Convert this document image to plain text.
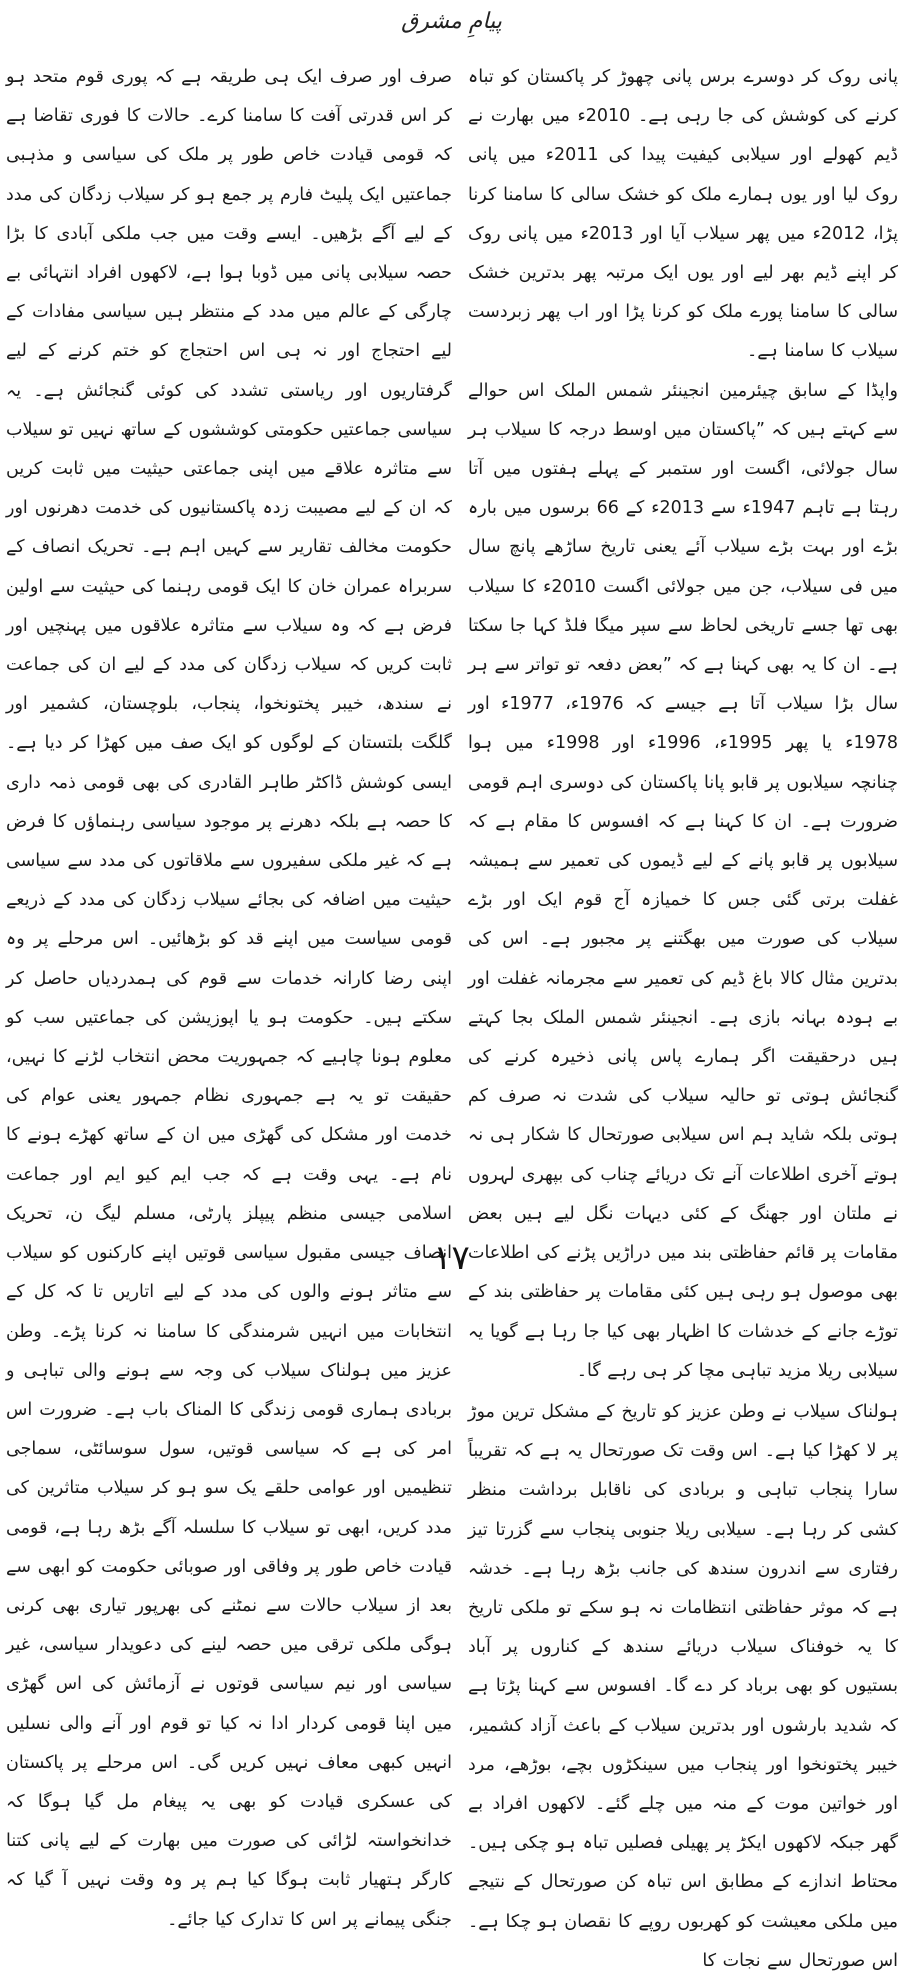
پیامِ مشرق

پانی روک کر دوسرے برس پانی چھوڑ کر پاکستان کو تباہ کرنے کی کوشش کی جا رہی ہے۔ 2010ء میں بھارت نے ڈیم کھولے اور سیلابی کیفیت پیدا کی 2011ء میں پانی روک لیا اور یوں ہمارے ملک کو خشک سالی کا سامنا کرنا پڑا، 2012ء میں پھر سیلاب آیا اور 2013ء میں پانی روک کر اپنے ڈیم بھر لیے اور یوں ایک مرتبہ پھر بدترین خشک سالی کا سامنا پورے ملک کو کرنا پڑا اور اب پھر زبردست سیلاب کا سامنا ہے۔

واپڈا کے سابق چیئرمین انجینئر شمس الملک اس حوالے سے کہتے ہیں کہ ”پاکستان میں اوسط درجہ کا سیلاب ہر سال جولائی، اگست اور ستمبر کے پہلے ہفتوں میں آتا رہتا ہے تاہم 1947ء سے 2013ء کے 66 برسوں میں بارہ بڑے اور بہت بڑے سیلاب آئے یعنی تاریخ ساڑھے پانچ سال میں فی سیلاب، جن میں جولائی اگست 2010ء کا سیلاب بھی تھا جسے تاریخی لحاظ سے سپر میگا فلڈ کہا جا سکتا ہے۔ ان کا یہ بھی کہنا ہے کہ ”بعض دفعہ تو تواتر سے ہر سال بڑا سیلاب آتا ہے جیسے کہ 1976ء، 1977ء اور 1978ء یا پھر 1995ء، 1996ء اور 1998ء میں ہوا چنانچہ سیلابوں پر قابو پانا پاکستان کی دوسری اہم قومی ضرورت ہے۔ ان کا کہنا ہے کہ افسوس کا مقام ہے کہ سیلابوں پر قابو پانے کے لیے ڈیموں کی تعمیر سے ہمیشہ غفلت برتی گئی جس کا خمیازہ آج قوم ایک اور بڑے سیلاب کی صورت میں بھگتنے پر مجبور ہے۔ اس کی بدترین مثال کالا باغ ڈیم کی تعمیر سے مجرمانہ غفلت اور بے ہودہ بہانہ بازی ہے۔ انجینئر شمس الملک بجا کہتے ہیں درحقیقت اگر ہمارے پاس پانی ذخیرہ کرنے کی گنجائش ہوتی تو حالیہ سیلاب کی شدت نہ صرف کم ہوتی بلکہ شاید ہم اس سیلابی صورتحال کا شکار ہی نہ ہوتے آخری اطلاعات آنے تک دریائے چناب کی بپھری لہروں نے ملتان اور جھنگ کے کئی دیہات نگل لیے ہیں بعض مقامات پر قائم حفاظتی بند میں دراڑیں پڑنے کی اطلاعات بھی موصول ہو رہی ہیں کئی مقامات پر حفاظتی بند کے توڑے جانے کے خدشات کا اظہار بھی کیا جا رہا ہے گویا یہ سیلابی ریلا مزید تباہی مچا کر ہی رہے گا۔

ہولناک سیلاب نے وطن عزیز کو تاریخ کے مشکل ترین موڑ پر لا کھڑا کیا ہے۔ اس وقت تک صورتحال یہ ہے کہ تقریباً سارا پنجاب تباہی و بربادی کی ناقابل برداشت منظر کشی کر رہا ہے۔ سیلابی ریلا جنوبی پنجاب سے گزرتا تیز رفتاری سے اندرون سندھ کی جانب بڑھ رہا ہے۔ خدشہ ہے کہ موثر حفاظتی انتظامات نہ ہو سکے تو ملکی تاریخ کا یہ خوفناک سیلاب دریائے سندھ کے کناروں پر آباد بستیوں کو بھی برباد کر دے گا۔ افسوس سے کہنا پڑتا ہے کہ شدید بارشوں اور بدترین سیلاب کے باعث آزاد کشمیر، خیبر پختونخوا اور پنجاب میں سینکڑوں بچے، بوڑھے، مرد اور خواتین موت کے منہ میں چلے گئے۔ لاکھوں افراد بے گھر جبکہ لاکھوں ایکڑ پر پھیلی فصلیں تباہ ہو چکی ہیں۔ محتاط اندازے کے مطابق اس تباہ کن صورتحال کے نتیجے میں ملکی معیشت کو کھربوں روپے کا نقصان ہو چکا ہے۔ اس صورتحال سے نجات کا

صرف اور صرف ایک ہی طریقہ ہے کہ پوری قوم متحد ہو کر اس قدرتی آفت کا سامنا کرے۔ حالات کا فوری تقاضا ہے کہ قومی قیادت خاص طور پر ملک کی سیاسی و مذہبی جماعتیں ایک پلیٹ فارم پر جمع ہو کر سیلاب زدگان کی مدد کے لیے آگے بڑھیں۔ ایسے وقت میں جب ملکی آبادی کا بڑا حصہ سیلابی پانی میں ڈوبا ہوا ہے، لاکھوں افراد انتہائی بے چارگی کے عالم میں مدد کے منتظر ہیں سیاسی مفادات کے لیے احتجاج اور نہ ہی اس احتجاج کو ختم کرنے کے لیے گرفتاریوں اور ریاستی تشدد کی کوئی گنجائش ہے۔ یہ سیاسی جماعتیں حکومتی کوششوں کے ساتھ نہیں تو سیلاب سے متاثرہ علاقے میں اپنی جماعتی حیثیت میں ثابت کریں کہ ان کے لیے مصیبت زدہ پاکستانیوں کی خدمت دھرنوں اور حکومت مخالف تقاریر سے کہیں اہم ہے۔ تحریک انصاف کے سربراہ عمران خان کا ایک قومی رہنما کی حیثیت سے اولین فرض ہے کہ وہ سیلاب سے متاثرہ علاقوں میں پہنچیں اور ثابت کریں کہ سیلاب زدگان کی مدد کے لیے ان کی جماعت نے سندھ، خیبر پختونخوا، پنجاب، بلوچستان، کشمیر اور گلگت بلتستان کے لوگوں کو ایک صف میں کھڑا کر دیا ہے۔ ایسی کوشش ڈاکٹر طاہر القادری کی بھی قومی ذمہ داری کا حصہ ہے بلکہ دھرنے پر موجود سیاسی رہنماؤں کا فرض ہے کہ غیر ملکی سفیروں سے ملاقاتوں کی مدد سے سیاسی حیثیت میں اضافہ کی بجائے سیلاب زدگان کی مدد کے ذریعے قومی سیاست میں اپنے قد کو بڑھائیں۔ اس مرحلے پر وہ اپنی رضا کارانہ خدمات سے قوم کی ہمدردیاں حاصل کر سکتے ہیں۔ حکومت ہو یا اپوزیشن کی جماعتیں سب کو معلوم ہونا چاہیے کہ جمہوریت محض انتخاب لڑنے کا نہیں، حقیقت تو یہ ہے جمہوری نظام جمہور یعنی عوام کی خدمت اور مشکل کی گھڑی میں ان کے ساتھ کھڑے ہونے کا نام ہے۔ یہی وقت ہے کہ جب ایم کیو ایم اور جماعت اسلامی جیسی منظم پیپلز پارٹی، مسلم لیگ ن، تحریک انصاف جیسی مقبول سیاسی قوتیں اپنے کارکنوں کو سیلاب سے متاثر ہونے والوں کی مدد کے لیے اتاریں تا کہ کل کے انتخابات میں انہیں شرمندگی کا سامنا نہ کرنا پڑے۔ وطن عزیز میں ہولناک سیلاب کی وجہ سے ہونے والی تباہی و بربادی ہماری قومی زندگی کا المناک باب ہے۔ ضرورت اس امر کی ہے کہ سیاسی قوتیں، سول سوسائٹی، سماجی تنظیمیں اور عوامی حلقے یک سو ہو کر سیلاب متاثرین کی مدد کریں، ابھی تو سیلاب کا سلسلہ آگے بڑھ رہا ہے، قومی قیادت خاص طور پر وفاقی اور صوبائی حکومت کو ابھی سے بعد از سیلاب حالات سے نمٹنے کی بھرپور تیاری بھی کرنی ہوگی ملکی ترقی میں حصہ لینے کی دعویدار سیاسی، غیر سیاسی اور نیم سیاسی قوتوں نے آزمائش کی اس گھڑی میں اپنا قومی کردار ادا نہ کیا تو قوم اور آنے والی نسلیں انہیں کبھی معاف نہیں کریں گی۔ اس مرحلے پر پاکستان کی عسکری قیادت کو بھی یہ پیغام مل گیا ہوگا کہ خدانخواستہ لڑائی کی صورت میں بھارت کے لیے پانی کتنا کارگر ہتھیار ثابت ہوگا کیا ہم پر وہ وقت نہیں آ گیا کہ جنگی پیمانے پر اس کا تدارک کیا جائے۔

۱۷
